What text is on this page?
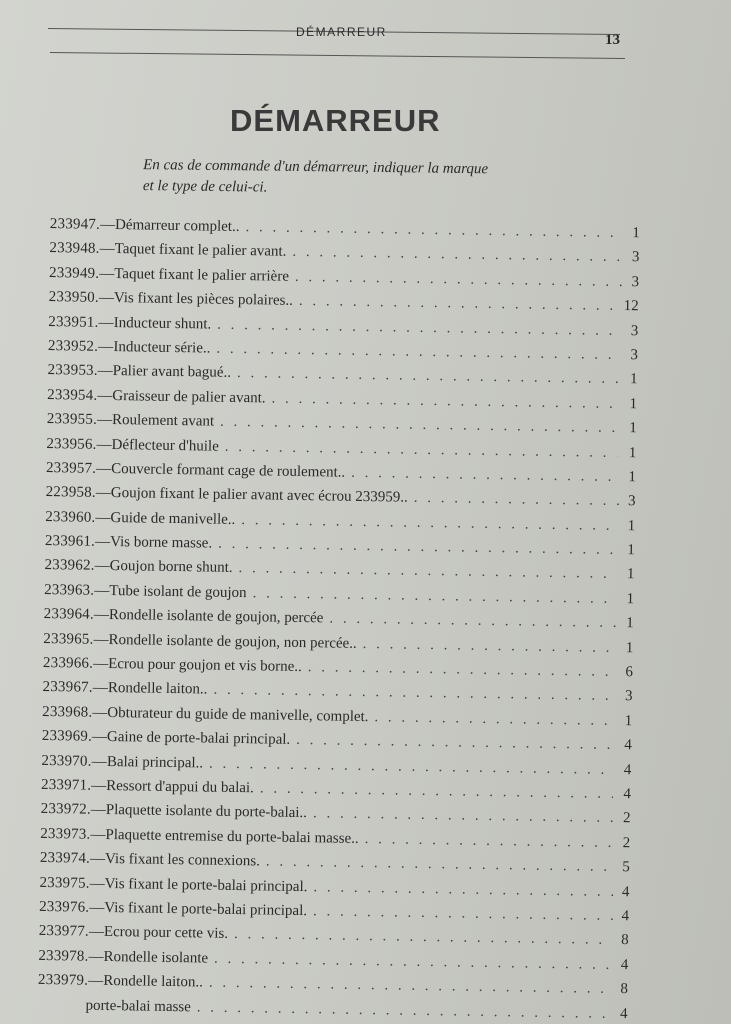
DÉMARREUR	13
DÉMARREUR
En cas de commande d'un démarreur, indiquer la marque
et le type de celui-ci.
233947. — Démarreur complet.. . . .	1
233948. — Taquet fixant le palier avant. . . .	3
233949. — Taquet fixant le palier arrière . . .	3
233950. — Vis fixant les pièces polaires.. . . .	12
233951. — Inducteur shunt. . . .	3
233952. — Inducteur série.. . . .	3
233953. — Palier avant bagué.. . . .	1
233954. — Graisseur de palier avant. . . .	1
233955. — Roulement avant . . .	1
233956. — Déflecteur d'huile . . .	1
233957. — Couvercle formant cage de roulement.. . . .	1
223958. — Goujon fixant le palier avant avec écrou 233959.. . . .	3
233960. — Guide de manivelle.. . . .	1
233961. — Vis borne masse. . . .	1
233962. — Goujon borne shunt. . . .	1
233963. — Tube isolant de goujon . . .	1
233964. — Rondelle isolante de goujon, percée . . .	1
233965. — Rondelle isolante de goujon, non percée.. . . .	1
233966. — Ecrou pour goujon et vis borne.. . . .	6
233967. — Rondelle laiton.. . . .	3
233968. — Obturateur du guide de manivelle, complet. . . .	1
233969. — Gaine de porte-balai principal. . . .	4
233970. — Balai principal.. . . .	4
233971. — Ressort d'appui du balai. . . .	4
233972. — Plaquette isolante du porte-balai.. . . .	2
233973. — Plaquette entremise du porte-balai masse.. . . .	2
233974. — Vis fixant les connexions. . . .	5
233975. — Vis fixant le porte-balai principal. . . .	4
233976. — Vis fixant le porte-balai principal. . . .	4
233977. — Ecrou pour cette vis. . . .	8
233978. — Rondelle isolante . . .	4
233979. — Rondelle laiton.. . . .	8
porte-balai masse . . .	4
